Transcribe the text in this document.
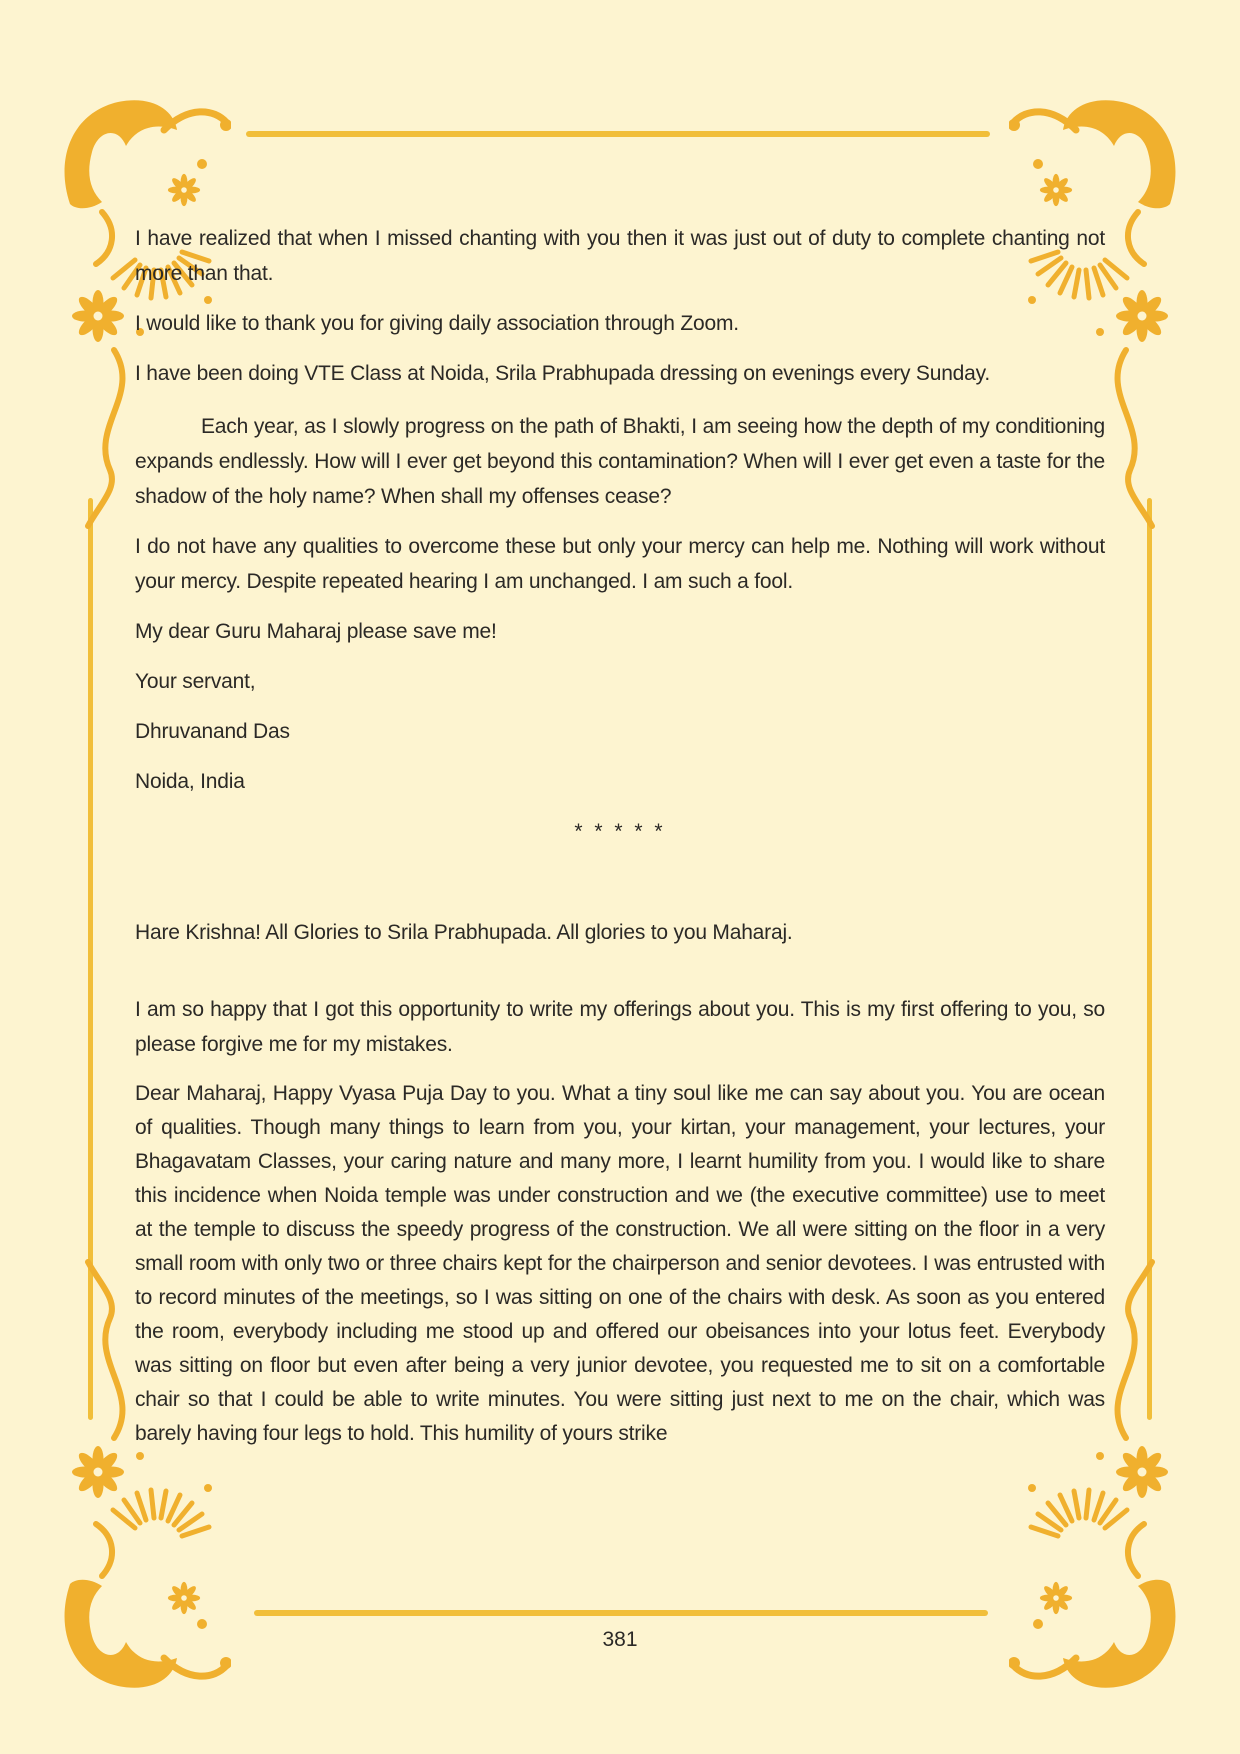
I have realized that when I missed chanting with you then it was just out of duty to complete chanting not more than that.

I would like to thank you for giving daily association through Zoom.

I have been doing VTE Class at Noida, Srila Prabhupada dressing on evenings every Sunday.

Each year, as I slowly progress on the path of Bhakti, I am seeing how the depth of my conditioning expands endlessly. How will I ever get beyond this contamination? When will I ever get even a taste for the shadow of the holy name? When shall my offenses cease?

I do not have any qualities to overcome these but only your mercy can help me. Nothing will work without your mercy. Despite repeated hearing I am unchanged. I am such a fool.

My dear Guru Maharaj please save me!

Your servant,

Dhruvanand Das

Noida, India

* * * * *

Hare Krishna! All Glories to Srila Prabhupada. All glories to you Maharaj.

I am so happy that I got this opportunity to write my offerings about you. This is my first offering to you, so please forgive me for my mistakes.

Dear Maharaj, Happy Vyasa Puja Day to you. What a tiny soul like me can say about you. You are ocean of qualities. Though many things to learn from you, your kirtan, your management, your lectures, your Bhagavatam Classes, your caring nature and many more, I learnt humility from you. I would like to share this incidence when Noida temple was under construction and we (the executive committee) use to meet at the temple to discuss the speedy progress of the construction. We all were sitting on the floor in a very small room with only two or three chairs kept for the chairperson and senior devotees. I was entrusted with to record minutes of the meetings, so I was sitting on one of the chairs with desk. As soon as you entered the room, everybody including me stood up and offered our obeisances into your lotus feet. Everybody was sitting on floor but even after being a very junior devotee, you requested me to sit on a comfortable chair so that I could be able to write minutes. You were sitting just next to me on the chair, which was barely having four legs to hold. This humility of yours strike

381
